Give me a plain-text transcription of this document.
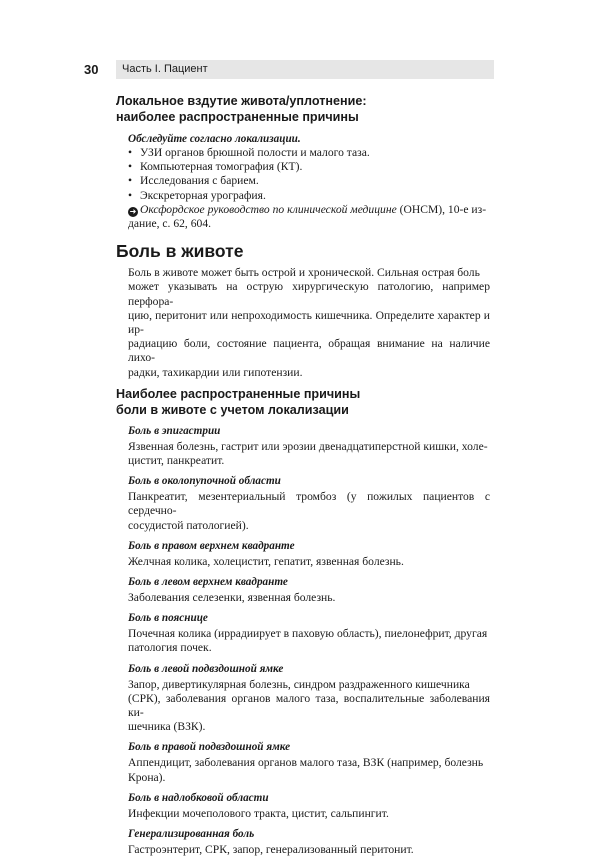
30	Часть I. Пациент

Локальное вздутие живота/уплотнение:

наиболее распространенные причины

Обследуйте согласно локализации.

• УЗИ органов брюшной полости и малого таза.
• Компьютерная томография (КТ).
• Исследования с барием.
• Экскреторная урография.
➜ Оксфордское руководство по клинической медицине (ОНСМ), 10-е из-
дание, с. 62, 604.

Боль в животе

Боль в животе может быть острой и хронической. Сильная острая боль
может указывать на острую хирургическую патологию, например перфора-
цию, перитонит или непроходимость кишечника. Определите характер и ир-
радиацию боли, состояние пациента, обращая внимание на наличие лихо-
радки, тахикардии или гипотензии.

Наиболее распространенные причины

боли в животе с учетом локализации

Боль в эпигастрии

Язвенная болезнь, гастрит или эрозии двенадцатиперстной кишки, холе-
цистит, панкреатит.

Боль в околопупочной области

Панкреатит, мезентериальный тромбоз (у пожилых пациентов с сердечно-
сосудистой патологией).

Боль в правом верхнем квадранте

Желчная колика, холецистит, гепатит, язвенная болезнь.

Боль в левом верхнем квадранте

Заболевания селезенки, язвенная болезнь.

Боль в пояснице

Почечная колика (иррадиирует в паховую область), пиелонефрит, другая
патология почек.

Боль в левой подвздошной ямке

Запор, дивертикулярная болезнь, синдром раздраженного кишечника
(СРК), заболевания органов малого таза, воспалительные заболевания ки-
шечника (ВЗК).

Боль в правой подвздошной ямке

Аппендицит, заболевания органов малого таза, ВЗК (например, болезнь
Крона).

Боль в надлобковой области

Инфекции мочеполового тракта, цистит, сальпингит.

Генерализированная боль

Гастроэнтерит, СРК, запор, генерализованный перитонит.
